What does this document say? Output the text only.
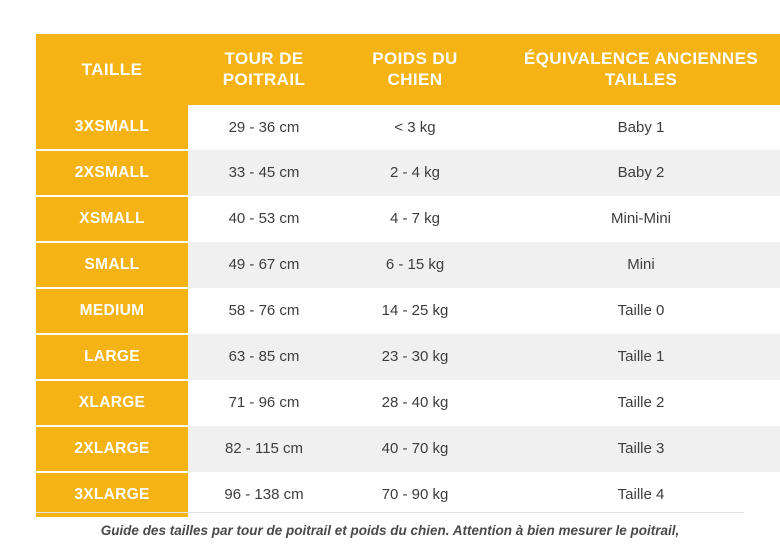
TAILLE	TOUR DE POITRAIL	POIDS DU CHIEN	ÉQUIVALENCE ANCIENNES TAILLES
3XSMALL	29 - 36 cm	< 3 kg	Baby 1
2XSMALL	33 - 45 cm	2 - 4 kg	Baby 2
XSMALL	40 - 53 cm	4 - 7 kg	Mini-Mini
SMALL	49 - 67 cm	6 - 15 kg	Mini
MEDIUM	58 - 76 cm	14 - 25 kg	Taille 0
LARGE	63 - 85 cm	23 - 30 kg	Taille 1
XLARGE	71 - 96 cm	28 - 40 kg	Taille 2
2XLARGE	82 - 115 cm	40 - 70 kg	Taille 3
3XLARGE	96 - 138 cm	70 - 90 kg	Taille 4
Guide des tailles par tour de poitrail et poids du chien. Attention à bien mesurer le poitrail,
